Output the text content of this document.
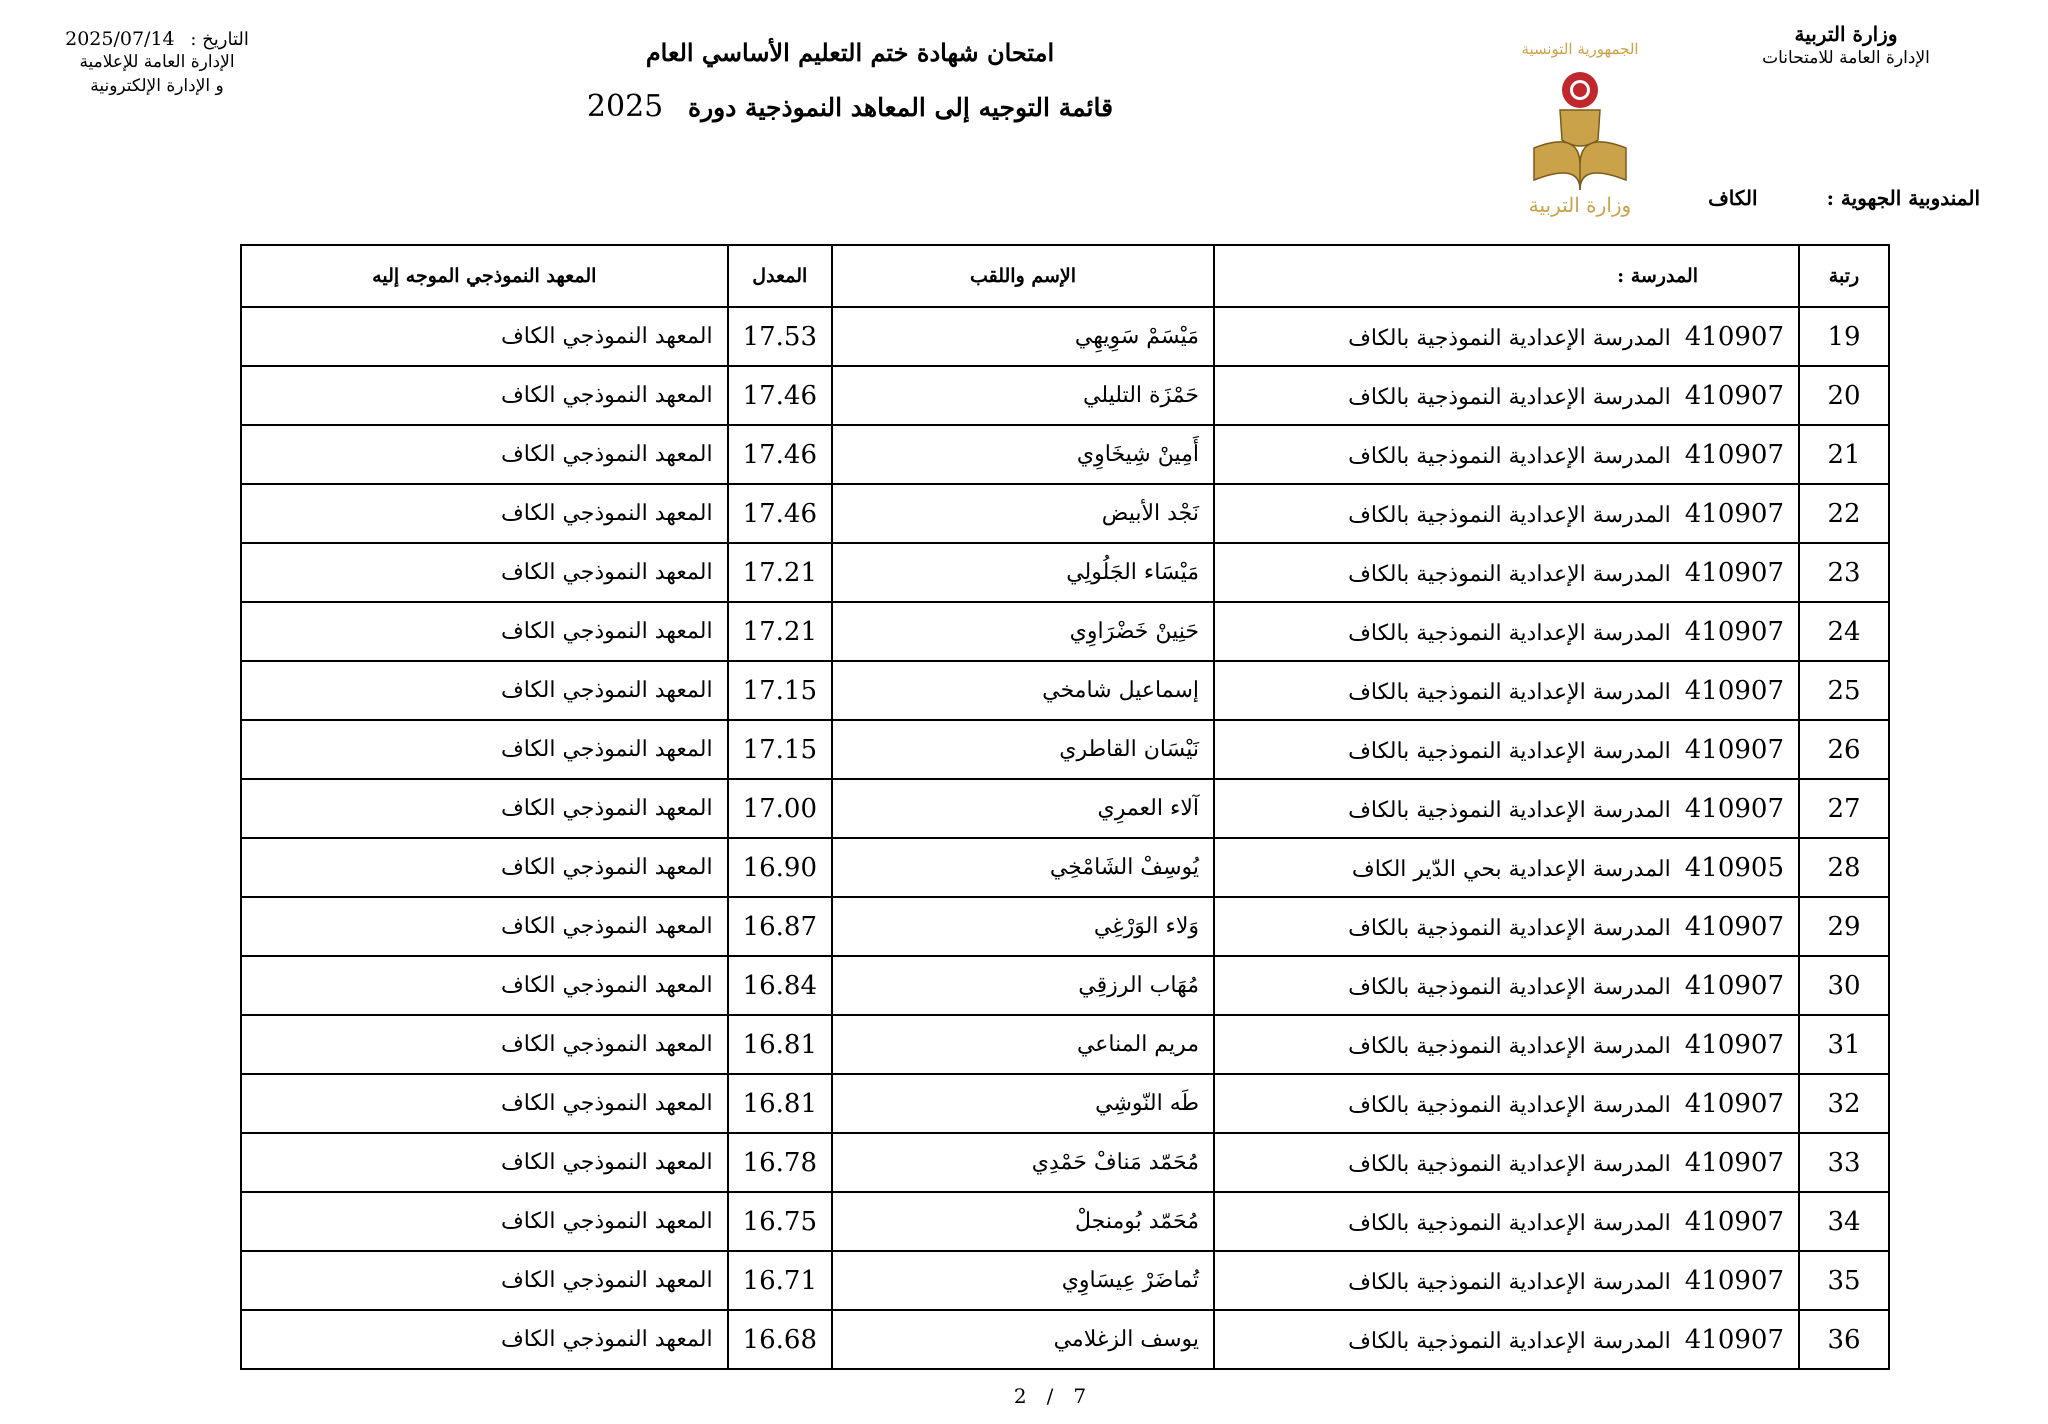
وزارة التربية
الإدارة العامة للامتحانات
الجمهورية التونسية
وزارة التربية
امتحان شهادة ختم التعليم الأساسي العام
قائمة التوجيه إلى المعاهد النموذجية دورة 2025
التاريخ : 2025/07/14
الإدارة العامة للإعلامية
و الإدارة الإلكترونية
المندوبية الجهوية : الكاف
رتبة	المدرسة :	الإسم واللقب	المعدل	المعهد النموذجي الموجه إليه
19	410907المدرسة الإعدادية النموذجية بالكاف	مَيْسَمْ سَوِيهِي	17.53	المعهد النموذجي الكاف
20	410907المدرسة الإعدادية النموذجية بالكاف	حَمْزَة التليلي	17.46	المعهد النموذجي الكاف
21	410907المدرسة الإعدادية النموذجية بالكاف	أَمِينْ شِيخَاوِي	17.46	المعهد النموذجي الكاف
22	410907المدرسة الإعدادية النموذجية بالكاف	نَجْد الأبيض	17.46	المعهد النموذجي الكاف
23	410907المدرسة الإعدادية النموذجية بالكاف	مَيْسَاء الجَلُولِي	17.21	المعهد النموذجي الكاف
24	410907المدرسة الإعدادية النموذجية بالكاف	حَنِينْ خَضْرَاوِي	17.21	المعهد النموذجي الكاف
25	410907المدرسة الإعدادية النموذجية بالكاف	إسماعيل شامخي	17.15	المعهد النموذجي الكاف
26	410907المدرسة الإعدادية النموذجية بالكاف	نَيْسَان القاطري	17.15	المعهد النموذجي الكاف
27	410907المدرسة الإعدادية النموذجية بالكاف	آلاء العمرِي	17.00	المعهد النموذجي الكاف
28	410905المدرسة الإعدادية بحي الدّير الكاف	يُوسِفْ الشَامْخِي	16.90	المعهد النموذجي الكاف
29	410907المدرسة الإعدادية النموذجية بالكاف	وَلاء الوَرْغِي	16.87	المعهد النموذجي الكاف
30	410907المدرسة الإعدادية النموذجية بالكاف	مُهَاب الرزقِي	16.84	المعهد النموذجي الكاف
31	410907المدرسة الإعدادية النموذجية بالكاف	مريم المناعي	16.81	المعهد النموذجي الكاف
32	410907المدرسة الإعدادية النموذجية بالكاف	طَه النّوشِي	16.81	المعهد النموذجي الكاف
33	410907المدرسة الإعدادية النموذجية بالكاف	مُحَمّد مَنافْ حَمْدِي	16.78	المعهد النموذجي الكاف
34	410907المدرسة الإعدادية النموذجية بالكاف	مُحَمّد بُومنجلْ	16.75	المعهد النموذجي الكاف
35	410907المدرسة الإعدادية النموذجية بالكاف	تُماضَرْ عِيسَاوِي	16.71	المعهد النموذجي الكاف
36	410907المدرسة الإعدادية النموذجية بالكاف	يوسف الزغلامي	16.68	المعهد النموذجي الكاف
2/7
